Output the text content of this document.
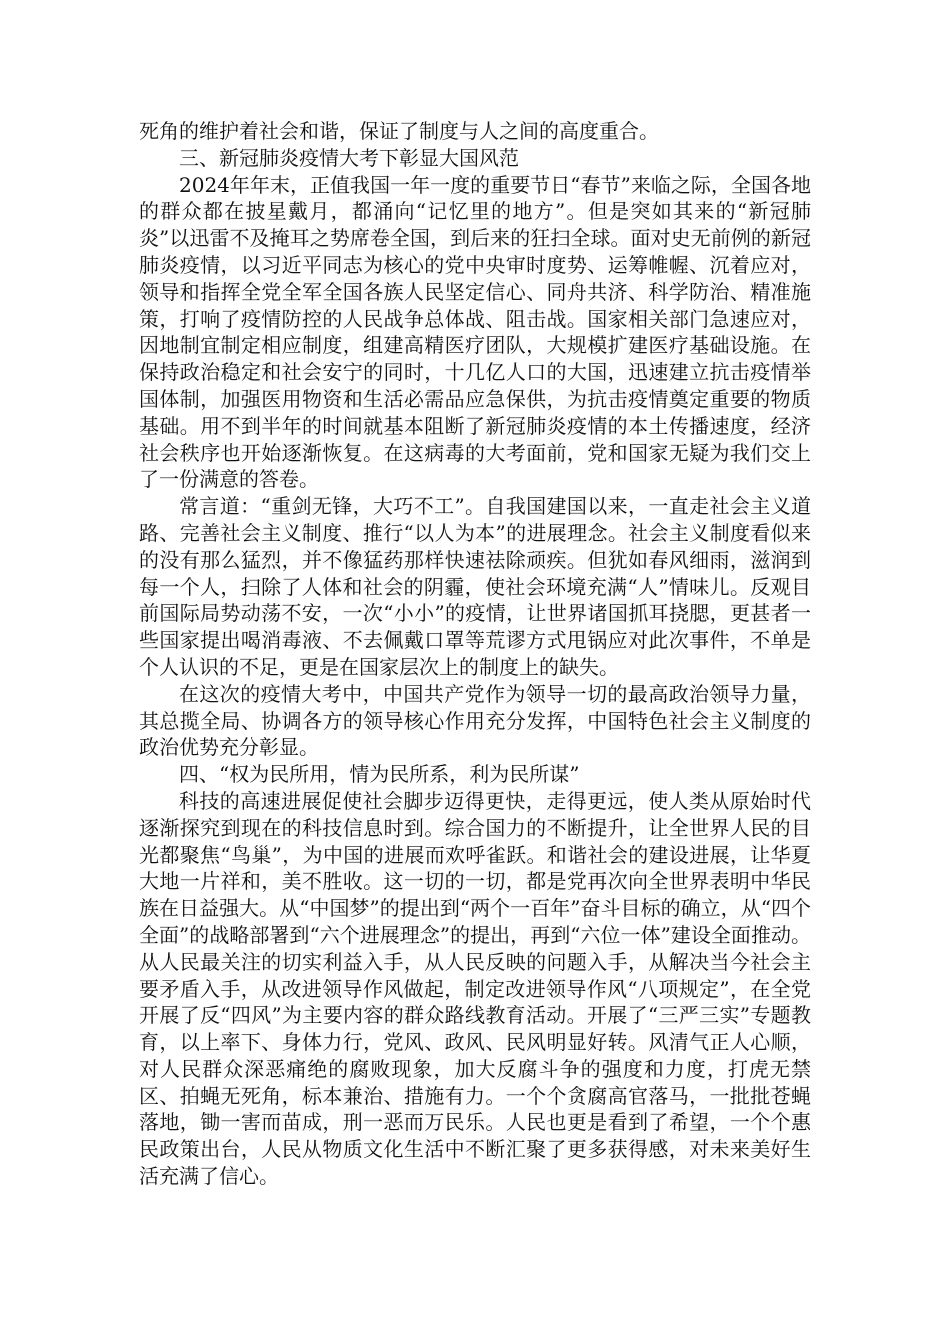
死角的维护着社会和谐，保证了制度与人之间的高度重合。

三、新冠肺炎疫情大考下彰显大国风范

2024年年末，正值我国一年一度的重要节日“春节”来临之际，全国各地的群众都在披星戴月，都涌向“记忆里的地方”。但是突如其来的“新冠肺炎”以迅雷不及掩耳之势席卷全国，到后来的狂扫全球。面对史无前例的新冠肺炎疫情，以习近平同志为核心的党中央审时度势、运筹帷幄、沉着应对，领导和指挥全党全军全国各族人民坚定信心、同舟共济、科学防治、精准施策，打响了疫情防控的人民战争总体战、阻击战。国家相关部门急速应对，因地制宜制定相应制度，组建高精医疗团队，大规模扩建医疗基础设施。在保持政治稳定和社会安宁的同时，十几亿人口的大国，迅速建立抗击疫情举国体制，加强医用物资和生活必需品应急保供，为抗击疫情奠定重要的物质基础。用不到半年的时间就基本阻断了新冠肺炎疫情的本土传播速度，经济社会秩序也开始逐渐恢复。在这病毒的大考面前，党和国家无疑为我们交上了一份满意的答卷。

常言道：“重剑无锋，大巧不工”。自我国建国以来，一直走社会主义道路、完善社会主义制度、推行“以人为本”的进展理念。社会主义制度看似来的没有那么猛烈，并不像猛药那样快速祛除顽疾。但犹如春风细雨，滋润到每一个人，扫除了人体和社会的阴霾，使社会环境充满“人”情味儿。反观目前国际局势动荡不安，一次“小小”的疫情，让世界诸国抓耳挠腮，更甚者一些国家提出喝消毒液、不去佩戴口罩等荒谬方式甩锅应对此次事件，不单是个人认识的不足，更是在国家层次上的制度上的缺失。

在这次的疫情大考中，中国共产党作为领导一切的最高政治领导力量，其总揽全局、协调各方的领导核心作用充分发挥，中国特色社会主义制度的政治优势充分彰显。

四、“权为民所用，情为民所系，利为民所谋”

科技的高速进展促使社会脚步迈得更快，走得更远，使人类从原始时代逐渐探究到现在的科技信息时到。综合国力的不断提升，让全世界人民的目光都聚焦“鸟巢”，为中国的进展而欢呼雀跃。和谐社会的建设进展，让华夏大地一片祥和，美不胜收。这一切的一切，都是党再次向全世界表明中华民族在日益强大。从“中国梦”的提出到“两个一百年”奋斗目标的确立，从“四个全面”的战略部署到“六个进展理念”的提出，再到“六位一体”建设全面推动。从人民最关注的切实利益入手，从人民反映的问题入手，从解决当今社会主要矛盾入手，从改进领导作风做起，制定改进领导作风“八项规定”，在全党开展了反“四风”为主要内容的群众路线教育活动。开展了“三严三实”专题教育，以上率下、身体力行，党风、政风、民风明显好转。风清气正人心顺，对人民群众深恶痛绝的腐败现象，加大反腐斗争的强度和力度，打虎无禁区、拍蝇无死角，标本兼治、措施有力。一个个贪腐高官落马，一批批苍蝇落地，锄一害而苗成，刑一恶而万民乐。人民也更是看到了希望，一个个惠民政策出台，人民从物质文化生活中不断汇聚了更多获得感，对未来美好生活充满了信心。
